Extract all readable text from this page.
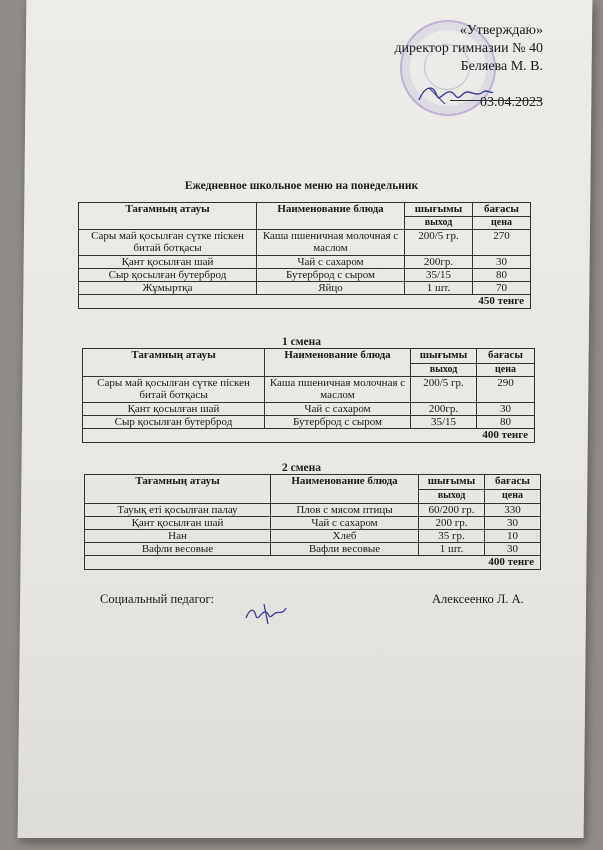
«Утверждаю»
директор гимназии № 40
Беляева М. В.
03.04.2023
Ежедневное школьное меню на понедельник
Тағамның атауы	Наименование блюда	шығымы	бағасы
		выход	цена
Сары май қосылған сүтке піскен битай ботқасы	Каша пшеничная молочная с маслом	200/5 гр.	270
Қант қосылған шай	Чай с сахаром	200гр.	30
Сыр қосылған бутерброд	Бутерброд с сыром	35/15	80
Жұмыртқа	Яйцо	1 шт.	70
450 тенге			
1 смена
Тағамның атауы	Наименование блюда	шығымы	бағасы
		выход	цена
Сары май қосылған сүтке піскен битай ботқасы	Каша пшеничная молочная с маслом	200/5 гр.	290
Қант қосылған шай	Чай с сахаром	200гр.	30
Сыр қосылған бутерброд	Бутерброд с сыром	35/15	80
400 тенге			
2 смена
Тағамның атауы	Наименование блюда	шығымы	бағасы
		выход	цена
Тауық еті қосылған палау	Плов с мясом птицы	60/200 гр.	330
Қант қосылған шай	Чай с сахаром	200 гр.	30
Нан	Хлеб	35 гр.	10
Вафли весовые	Вафли весовые	1 шт.	30
400 тенге			
Социальный педагог:	Алексеенко Л. А.
